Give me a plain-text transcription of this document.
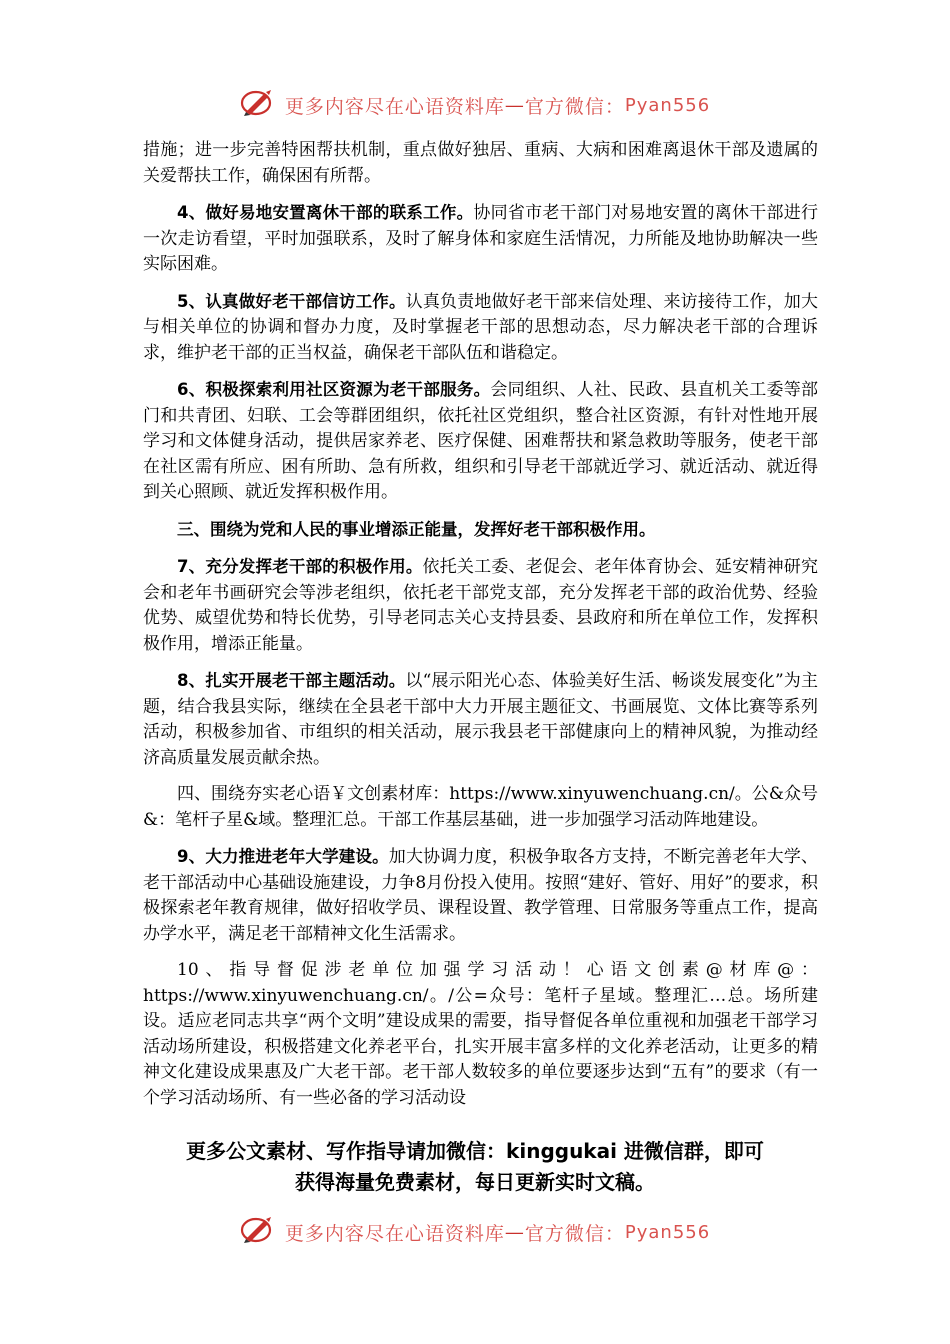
更多内容尽在心语资料库—官方微信：Pyan556

措施；进一步完善特困帮扶机制，重点做好独居、重病、大病和困难离退休干部及遗属的关爱帮扶工作，确保困有所帮。

4、做好易地安置离休干部的联系工作。协同省市老干部门对易地安置的离休干部进行一次走访看望，平时加强联系，及时了解身体和家庭生活情况，力所能及地协助解决一些实际困难。

5、认真做好老干部信访工作。认真负责地做好老干部来信处理、来访接待工作，加大与相关单位的协调和督办力度，及时掌握老干部的思想动态，尽力解决老干部的合理诉求，维护老干部的正当权益，确保老干部队伍和谐稳定。

6、积极探索利用社区资源为老干部服务。会同组织、人社、民政、县直机关工委等部门和共青团、妇联、工会等群团组织，依托社区党组织，整合社区资源，有针对性地开展学习和文体健身活动，提供居家养老、医疗保健、困难帮扶和紧急救助等服务，使老干部在社区需有所应、困有所助、急有所救，组织和引导老干部就近学习、就近活动、就近得到关心照顾、就近发挥积极作用。

三、围绕为党和人民的事业增添正能量，发挥好老干部积极作用。

7、充分发挥老干部的积极作用。依托关工委、老促会、老年体育协会、延安精神研究会和老年书画研究会等涉老组织，依托老干部党支部，充分发挥老干部的政治优势、经验优势、威望优势和特长优势，引导老同志关心支持县委、县政府和所在单位工作，发挥积极作用，增添正能量。

8、扎实开展老干部主题活动。以“展示阳光心态、体验美好生活、畅谈发展变化”为主题，结合我县实际，继续在全县老干部中大力开展主题征文、书画展览、文体比赛等系列活动，积极参加省、市组织的相关活动，展示我县老干部健康向上的精神风貌，为推动经济高质量发展贡献余热。

四、围绕夯实老心语￥文创素材库：https://www.xinyuwenchuang.cn/。公&众号&：笔杆子星&域。整理汇总。干部工作基层基础，进一步加强学习活动阵地建设。

9、大力推进老年大学建设。加大协调力度，积极争取各方支持，不断完善老年大学、老干部活动中心基础设施建设，力争8月份投入使用。按照“建好、管好、用好”的要求，积极探索老年教育规律，做好招收学员、课程设置、教学管理、日常服务等重点工作，提高办学水平，满足老干部精神文化生活需求。

10、指导督促涉老单位加强学习活动！心语文创素@材库@：https://www.xinyuwenchuang.cn/。/公=众号：笔杆子星域。整理汇…总。场所建设。适应老同志共享“两个文明”建设成果的需要，指导督促各单位重视和加强老干部学习活动场所建设，积极搭建文化养老平台，扎实开展丰富多样的文化养老活动，让更多的精神文化建设成果惠及广大老干部。老干部人数较多的单位要逐步达到“五有”的要求（有一个学习活动场所、有一些必备的学习活动设

更多公文素材、写作指导请加微信：kinggukai 进微信群，即可
获得海量免费素材，每日更新实时文稿。
更多内容尽在心语资料库—官方微信：Pyan556
